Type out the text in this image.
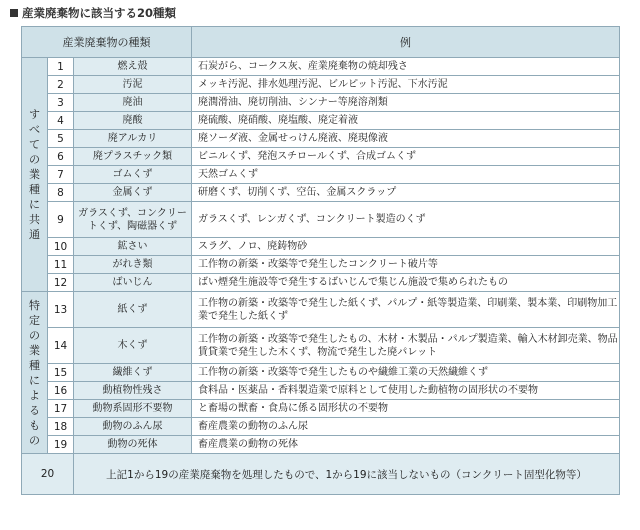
産業廃棄物に該当する20種類
産業廃棄物の種類			例
すべての業種に共通	1	燃え殻	石炭がら、コークス灰、産業廃棄物の焼却残さ
	2	汚泥	メッキ汚泥、排水処理汚泥、ビルピット汚泥、下水汚泥
	3	廃油	廃潤滑油、廃切削油、シンナー等廃溶剤類
	4	廃酸	廃硫酸、廃硝酸、廃塩酸、廃定着液
	5	廃アルカリ	廃ソーダ液、金属せっけん廃液、廃現像液
	6	廃プラスチック類	ビニルくず、発泡スチロールくず、合成ゴムくず
	7	ゴムくず	天然ゴムくず
	8	金属くず	研磨くず、切削くず、空缶、金属スクラップ
	9	ガラスくず、コンクリートくず、陶磁器くず	ガラスくず、レンガくず、コンクリート製造のくず
	10	鉱さい	スラグ、ノロ、廃鋳物砂
	11	がれき類	工作物の新築・改築等で発生したコンクリート破片等
	12	ばいじん	ばい煙発生施設等で発生するばいじんで集じん施設で集められたもの
特定の業種によるもの	13	紙くず	工作物の新築・改築等で発生した紙くず、パルプ・紙等製造業、印刷業、製本業、印刷物加工業で発生した紙くず
	14	木くず	工作物の新築・改築等で発生したもの、木材・木製品・パルプ製造業、輸入木材卸売業、物品賃貸業で発生した木くず、物流で発生した廃パレット
	15	繊維くず	工作物の新築・改築等で発生したものや繊維工業の天然繊維くず
	16	動植物性残さ	食料品・医薬品・香料製造業で原料として使用した動植物の固形状の不要物
	17	動物系固形不要物	と畜場の獣畜・食鳥に係る固形状の不要物
	18	動物のふん尿	畜産農業の動物のふん尿
	19	動物の死体	畜産農業の動物の死体
20		上記1から19の産業廃棄物を処理したもので、1から19に該当しないもの（コンクリート固型化物等）	
